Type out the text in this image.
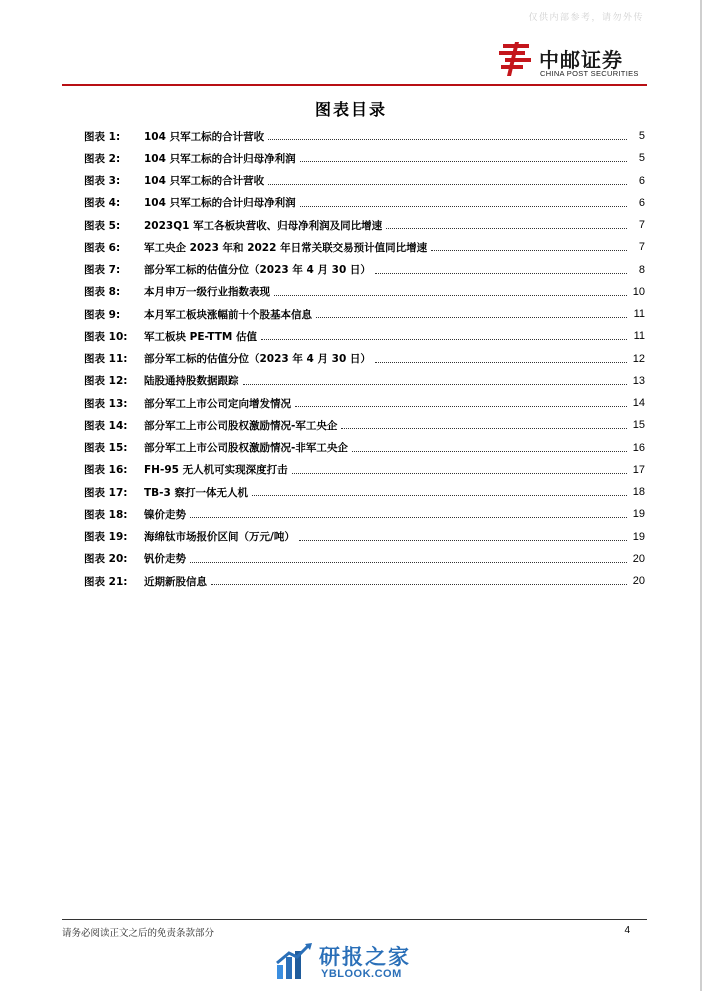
仅供内部参考，请勿外传
中邮证券
CHINA POST SECURITIES
图表目录
图表 1:	104 只军工标的合计营收	5
图表 2:	104 只军工标的合计归母净利润	5
图表 3:	104 只军工标的合计营收	6
图表 4:	104 只军工标的合计归母净利润	6
图表 5:	2023Q1 军工各板块营收、归母净利润及同比增速	7
图表 6:	军工央企 2023 年和 2022 年日常关联交易预计值同比增速	7
图表 7:	部分军工标的估值分位（2023 年 4 月 30 日）	8
图表 8:	本月申万一级行业指数表现	10
图表 9:	本月军工板块涨幅前十个股基本信息	11
图表 10:	军工板块 PE-TTM 估值	11
图表 11:	部分军工标的估值分位（2023 年 4 月 30 日）	12
图表 12:	陆股通持股数据跟踪	13
图表 13:	部分军工上市公司定向增发情况	14
图表 14:	部分军工上市公司股权激励情况-军工央企	15
图表 15:	部分军工上市公司股权激励情况-非军工央企	16
图表 16:	FH-95 无人机可实现深度打击	17
图表 17:	TB-3 察打一体无人机	18
图表 18:	镍价走势	19
图表 19:	海绵钛市场报价区间（万元/吨）	19
图表 20:	钒价走势	20
图表 21:	近期新股信息	20
请务必阅读正文之后的免责条款部分	4
研报之家
YBLOOK.COM
